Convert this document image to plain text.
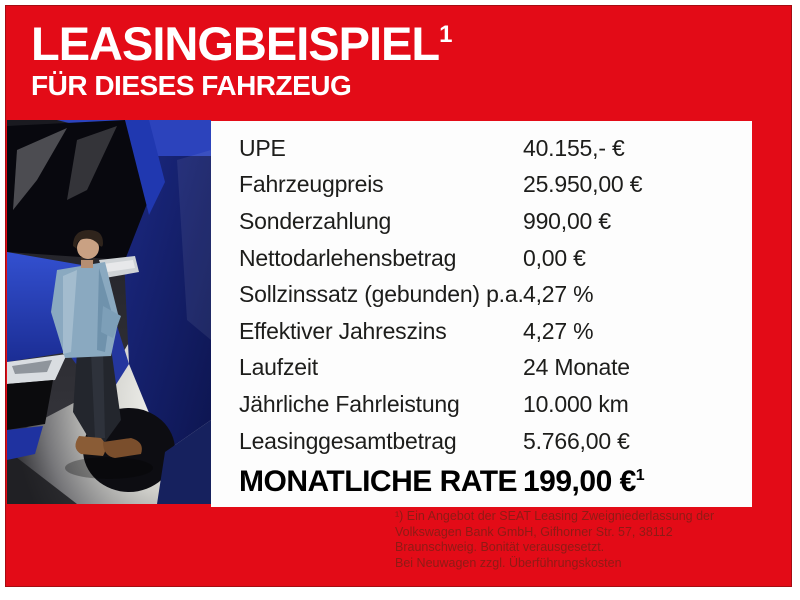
LEASINGBEISPIEL$^1$
FÜR DIESES FAHRZEUG
UPE	40.155,- €
Fahrzeugpreis	25.950,00 €
Sonderzahlung	990,00 €
Nettodarlehensbetrag	0,00 €
Sollzinssatz (gebunden) p.a. 4,27 %
Effektiver Jahreszins	4,27 %
Laufzeit	24 Monate
Jährliche Fahrleistung	10.000 km
Leasinggesamtbetrag	5.766,00 €
MONATLICHE RATE 199,00 €$^1$
¹) Ein Angebot der SEAT Leasing Zweigniederlassung der
Volkswagen Bank GmbH, Gifhorner Str. 57, 38112
Braunschweig. Bonität verausgesetzt.
Bei Neuwagen zzgl. Überführungskosten
